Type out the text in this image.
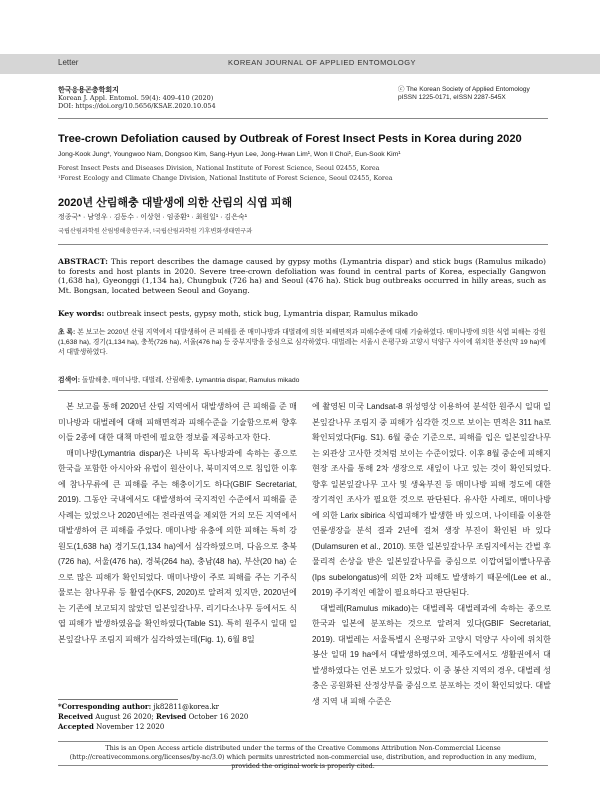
Letter	KOREAN JOURNAL OF APPLIED ENTOMOLOGY
한국응용곤충학회지
Korean J. Appl. Entomol. 59(4): 409-410 (2020)
DOI: https://doi.org/10.5656/KSAE.2020.10.054
ⓒ The Korean Society of Applied Entomology
pISSN 1225-0171, eISSN 2287-545X
Tree-crown Defoliation caused by Outbreak of Forest Insect Pests in Korea during 2020
Jong-Kook Jung*, Youngwoo Nam, Dongsoo Kim, Sang-Hyun Lee, Jong-Hwan Lim¹, Won Il Choi¹, Eun-Sook Kim¹
Forest Insect Pests and Diseases Division, National Institute of Forest Science, Seoul 02455, Korea
¹Forest Ecology and Climate Change Division, National Institute of Forest Science, Seoul 02455, Korea
2020년 산림해충 대발생에 의한 산림의 식엽 피해
정종국* · 남영우 · 김동수 · 이상현 · 임종환¹ · 최원일¹ · 김은숙¹
국립산림과학원 산림병해충연구과, ¹국립산림과학원 기후변화생태연구과
ABSTRACT: This report describes the damage caused by gypsy moths (Lymantria dispar) and stick bugs (Ramulus mikado) to forests and host plants in 2020. Severe tree-crown defoliation was found in central parts of Korea, especially Gangwon (1,638 ha), Gyeonggi (1,134 ha), Chungbuk (726 ha) and Seoul (476 ha). Stick bug outbreaks occurred in hilly areas, such as Mt. Bongsan, located between Seoul and Goyang.
Key words: outbreak insect pests, gypsy moth, stick bug, Lymantria dispar, Ramulus mikado
초 록: 본 보고는 2020년 산림 지역에서 대발생하여 큰 피해를 준 매미나방과 대벌레에 의한 피해면적과 피해수준에 대해 기술하였다. 매미나방에 의한 식엽 피해는 강원(1,638 ha), 경기(1,134 ha), 충북(726 ha), 서울(476 ha) 등 중부지방을 중심으로 심각하였다. 대벌레는 서울시 은평구와 고양시 덕양구 사이에 위치한 봉산(약 19 ha)에서 대발생하였다.
검색어: 돌발해충, 매미나방, 대벌레, 산림해충, Lymantria dispar, Ramulus mikado

본 보고를 통해 2020년 산림 지역에서 대발생하여 큰 피해를 준 매미나방과 대벌레에 대해 피해면적과 피해수준을 기술함으로써 향후 이들 2종에 대한 대책 마련에 필요한 정보를 제공하고자 한다.

매미나방(Lymantria dispar)은 나비목 독나방과에 속하는 종으로 한국을 포함한 아시아와 유럽이 원산이나, 북미지역으로 침입한 이후에 참나무류에 큰 피해를 주는 해충이기도 하다(GBIF Secretariat, 2019). 그동안 국내에서도 대발생하여 국지적인 수준에서 피해를 준 사례는 있었으나 2020년에는 전라권역을 제외한 거의 모든 지역에서 대발생하여 큰 피해를 주었다. 매미나방 유충에 의한 피해는 특히 강원도(1,638 ha) 경기도(1,134 ha)에서 심각하였으며, 다음으로 충북(726 ha), 서울(476 ha), 경북(264 ha), 충남(48 ha), 부산(20 ha) 순으로 많은 피해가 확인되었다. 매미나방이 주로 피해를 주는 기주식물로는 참나무류 등 활엽수(KFS, 2020)로 알려져 있지만, 2020년에는 기존에 보고되지 않았던 일본잎갈나무, 리기다소나무 등에서도 식엽 피해가 발생하였음을 확인하였다(Table S1). 특히 원주시 일대 일본잎갈나무 조림지 피해가 심각하였는데(Fig. 1), 6월 8일

에 촬영된 미국 Landsat-8 위성영상 이용하여 분석한 원주시 일대 일본잎갈나무 조림지 중 피해가 심각한 것으로 보이는 면적은 311 ha로 확인되었다(Fig. S1). 6월 중순 기준으로, 피해를 입은 일본잎갈나무는 외관상 고사한 것처럼 보이는 수준이었다. 이후 8월 중순에 피해지 현장 조사를 통해 2차 생장으로 새잎이 나고 있는 것이 확인되었다. 향후 일본잎갈나무 고사 및 생육부진 등 매미나방 피해 정도에 대한 장기적인 조사가 필요한 것으로 판단된다. 유사한 사례로, 매미나방에 의한 Larix sibirica 식엽피해가 발생한 바 있으며, 나이테를 이용한 연륜생장을 분석 결과 2년에 걸쳐 생장 부진이 확인된 바 있다(Dulamsuren et al., 2010). 또한 일본잎갈나무 조림지에서는 간벌 후 물리적 손상을 받은 일본잎갈나무를 중심으로 이깝여덟이빨나무좀(Ips subelongatus)에 의한 2차 피해도 발생하기 때문에(Lee et al., 2019) 주기적인 예찰이 필요하다고 판단된다.

대벌레(Ramulus mikado)는 대벌레목 대벌레과에 속하는 종으로 한국과 일본에 분포하는 것으로 알려져 있다(GBIF Secretariat, 2019). 대벌레는 서울특별시 은평구와 고양시 덕양구 사이에 위치한 봉산 일대 19 ha에서 대발생하였으며, 제주도에서도 생활권에서 대발생하였다는 언론 보도가 있었다. 이 중 봉산 지역의 경우, 대벌레 성충은 공원화된 산정상부를 중심으로 분포하는 것이 확인되었다. 대발생 지역 내 피해 수준은

*Corresponding author: jk82811@korea.kr
Received August 26 2020; Revised October 16 2020
Accepted November 12 2020
This is an Open Access article distributed under the terms of the Creative Commons Attribution Non-Commercial License (http://creativecommons.org/licenses/by-nc/3.0) which permits unrestricted non-commercial use, distribution, and reproduction in any medium, provided the original work is properly cited.
